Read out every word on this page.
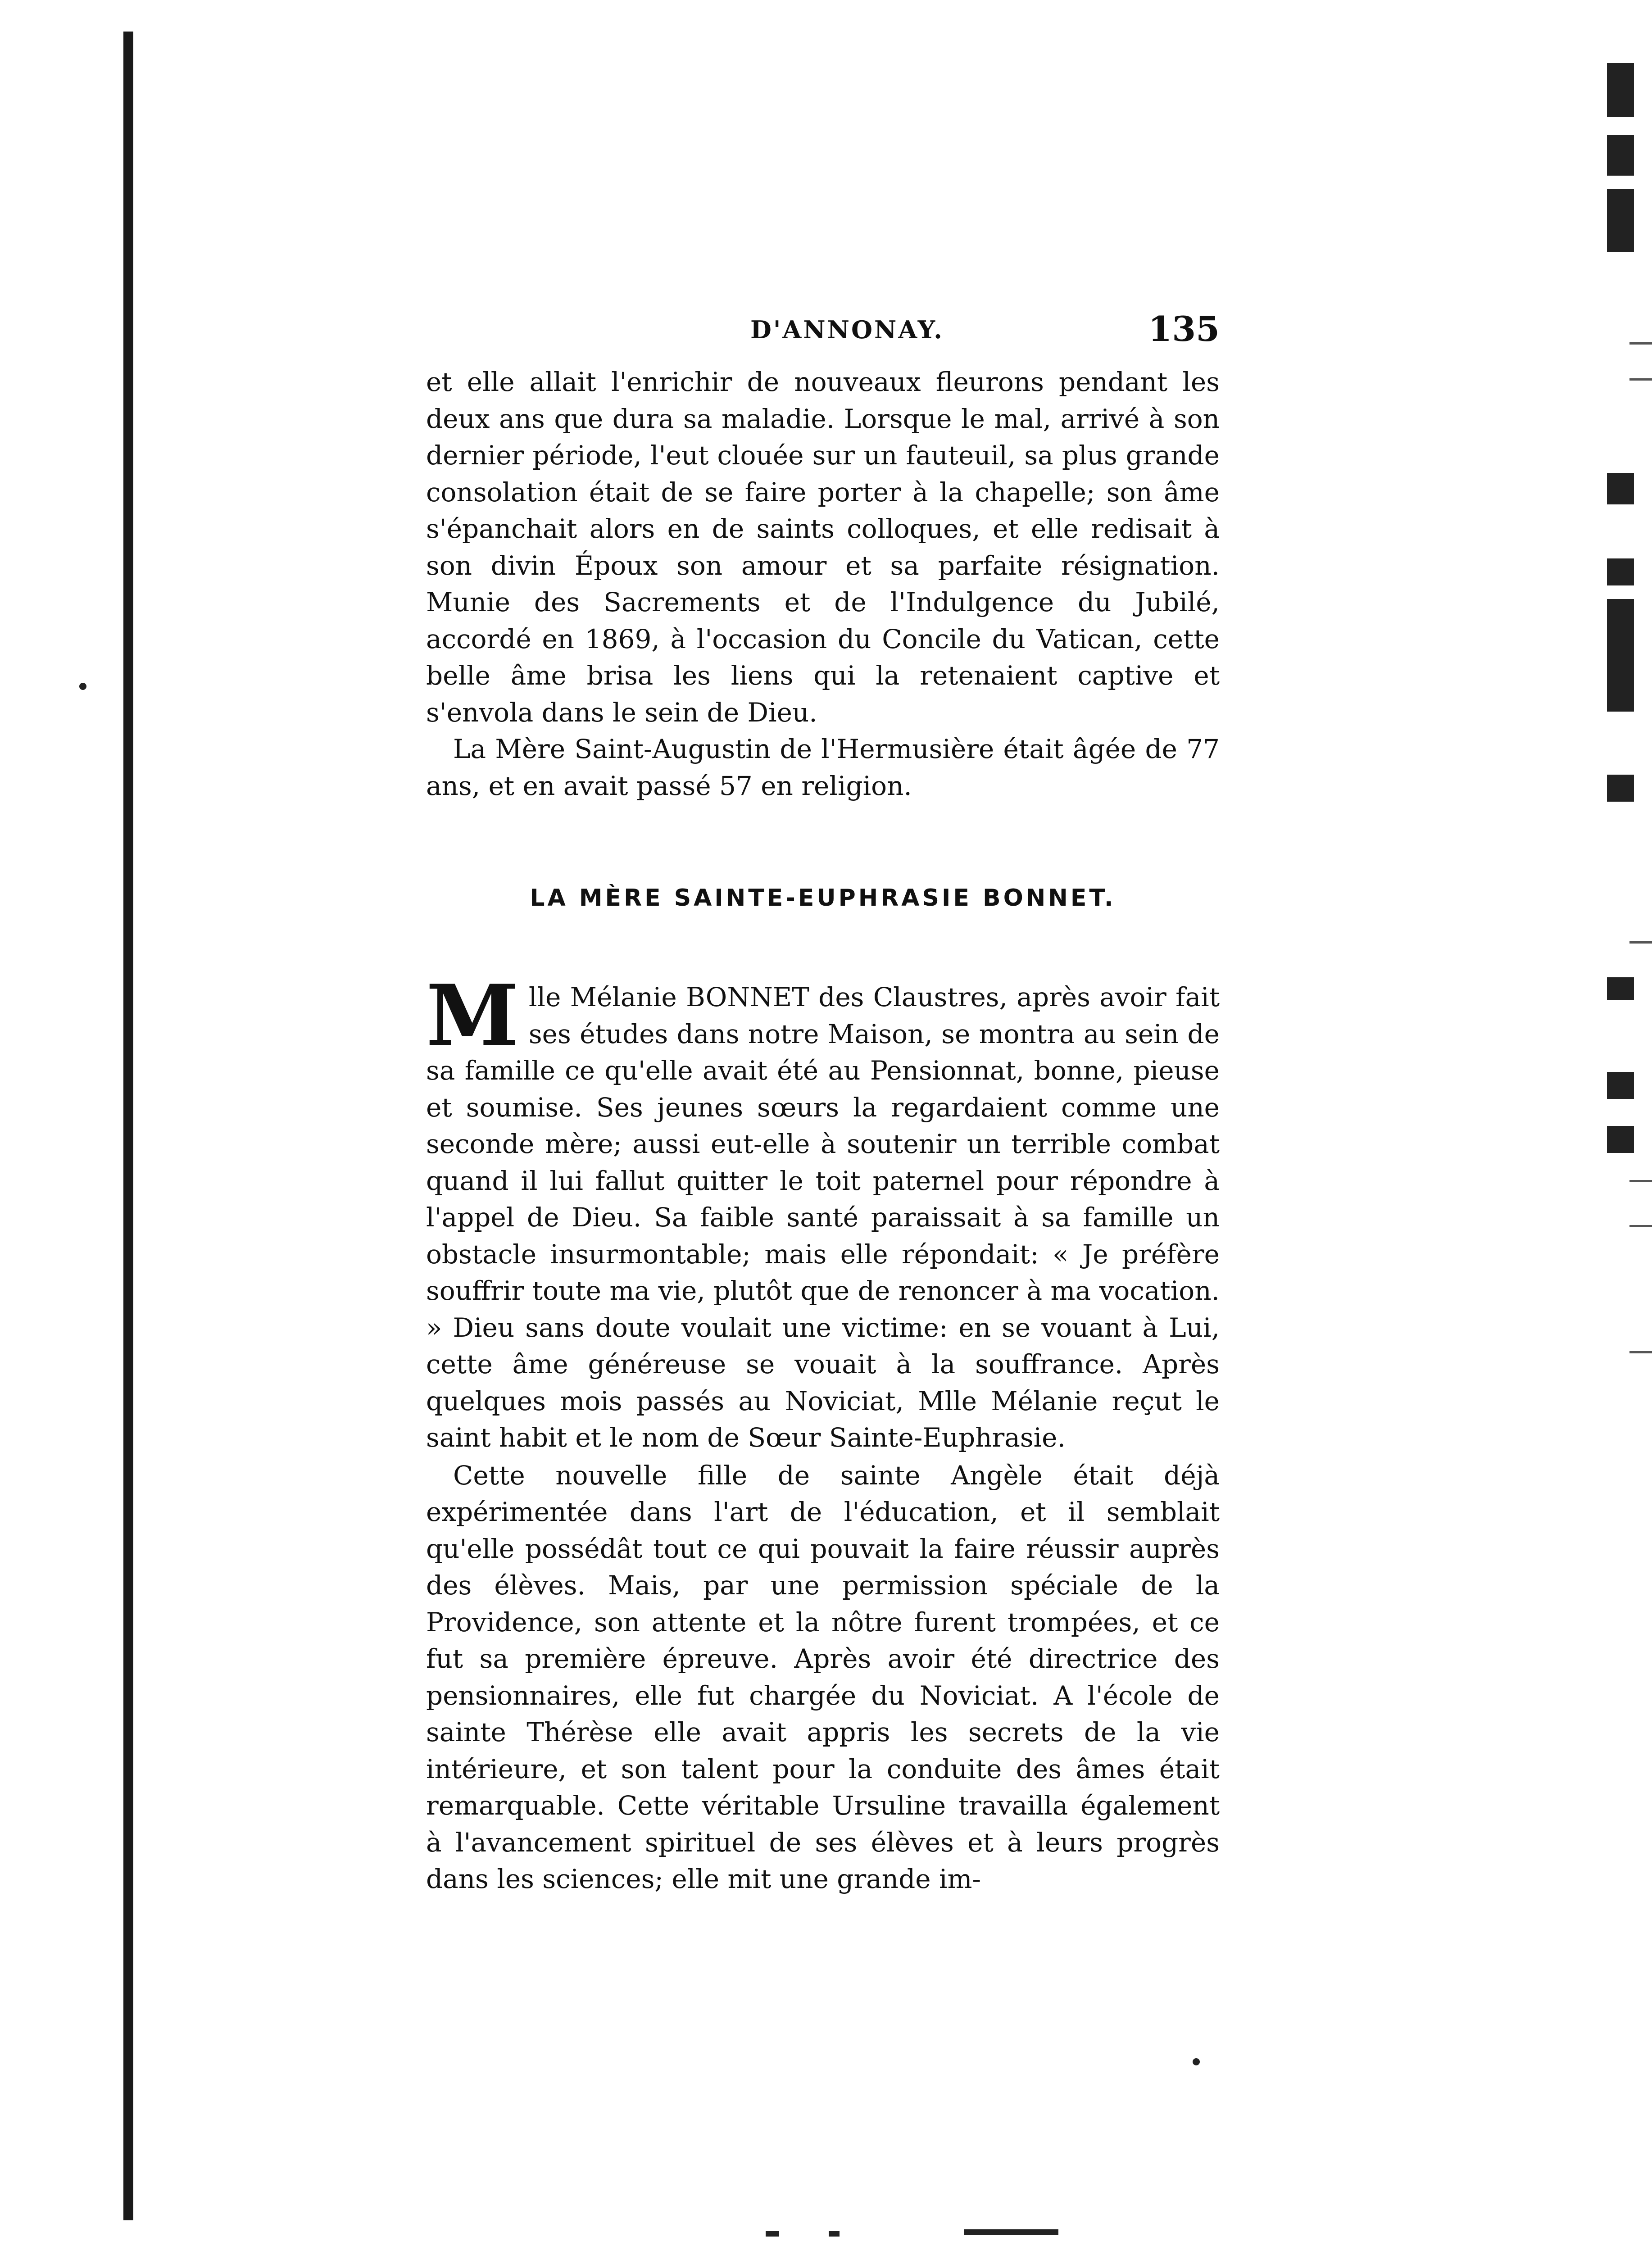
D'ANNONAY.	135

et elle allait l'enrichir de nouveaux fleurons pendant les deux ans que dura sa maladie. Lorsque le mal, arrivé à son dernier période, l'eut clouée sur un fauteuil, sa plus grande consolation était de se faire porter à la chapelle; son âme s'épanchait alors en de saints colloques, et elle redisait à son divin Époux son amour et sa parfaite résignation. Munie des Sacrements et de l'Indulgence du Jubilé, accordé en 1869, à l'occasion du Concile du Vatican, cette belle âme brisa les liens qui la retenaient captive et s'envola dans le sein de Dieu.

La Mère Saint-Augustin de l'Hermusière était âgée de 77 ans, et en avait passé 57 en religion.

LA MÈRE SAINTE-EUPHRASIE BONNET.

Mlle Mélanie BONNET des Claustres, après avoir fait ses études dans notre Maison, se montra au sein de sa famille ce qu'elle avait été au Pensionnat, bonne, pieuse et soumise. Ses jeunes sœurs la regardaient comme une seconde mère; aussi eut-elle à soutenir un terrible combat quand il lui fallut quitter le toit paternel pour répondre à l'appel de Dieu. Sa faible santé paraissait à sa famille un obstacle insurmontable; mais elle répondait: « Je préfère souffrir toute ma vie, plutôt que de renoncer à ma vocation. » Dieu sans doute voulait une victime: en se vouant à Lui, cette âme généreuse se vouait à la souffrance. Après quelques mois passés au Noviciat, Mlle Mélanie reçut le saint habit et le nom de Sœur Sainte-Euphrasie.

Cette nouvelle fille de sainte Angèle était déjà expérimentée dans l'art de l'éducation, et il semblait qu'elle possédât tout ce qui pouvait la faire réussir auprès des élèves. Mais, par une permission spéciale de la Providence, son attente et la nôtre furent trompées, et ce fut sa première épreuve. Après avoir été directrice des pensionnaires, elle fut chargée du Noviciat. A l'école de sainte Thérèse elle avait appris les secrets de la vie intérieure, et son talent pour la conduite des âmes était remarquable. Cette véritable Ursuline travailla également à l'avancement spirituel de ses élèves et à leurs progrès dans les sciences; elle mit une grande im-
